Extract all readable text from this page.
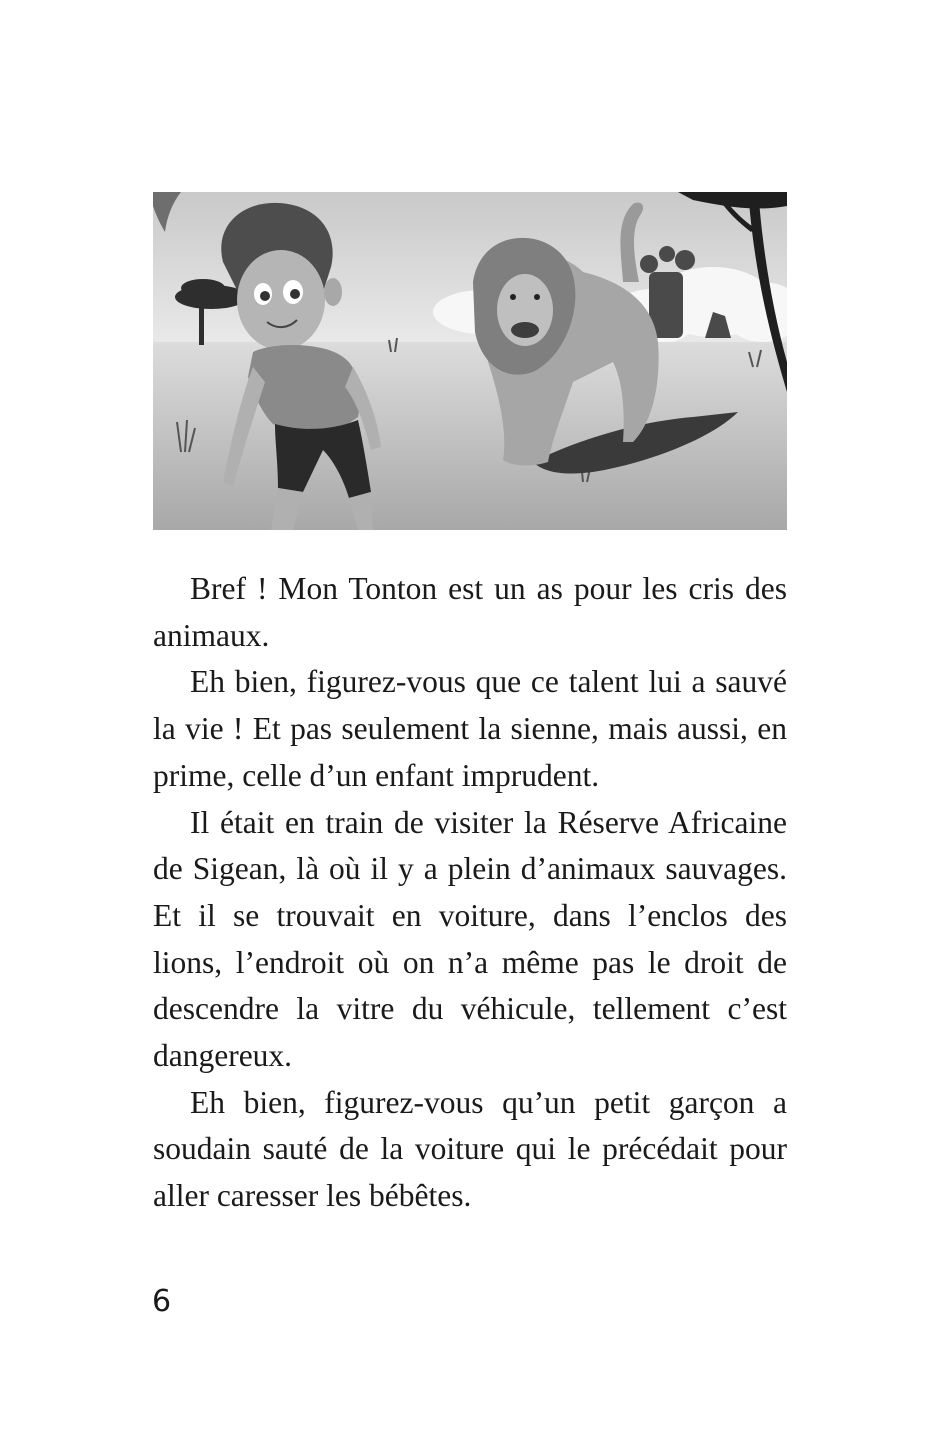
Bref ! Mon Tonton est un as pour les cris des animaux.

Eh bien, figurez-vous que ce talent lui a sauvé la vie ! Et pas seulement la sienne, mais aussi, en prime, celle d’un enfant imprudent.

Il était en train de visiter la Réserve Africaine de Sigean, là où il y a plein d’animaux sauvages. Et il se trouvait en voiture, dans l’enclos des lions, l’endroit où on n’a même pas le droit de descendre la vitre du véhicule, tellement c’est dangereux.

Eh bien, figurez-vous qu’un petit garçon a soudain sauté de la voiture qui le précédait pour aller caresser les bébêtes.

6
